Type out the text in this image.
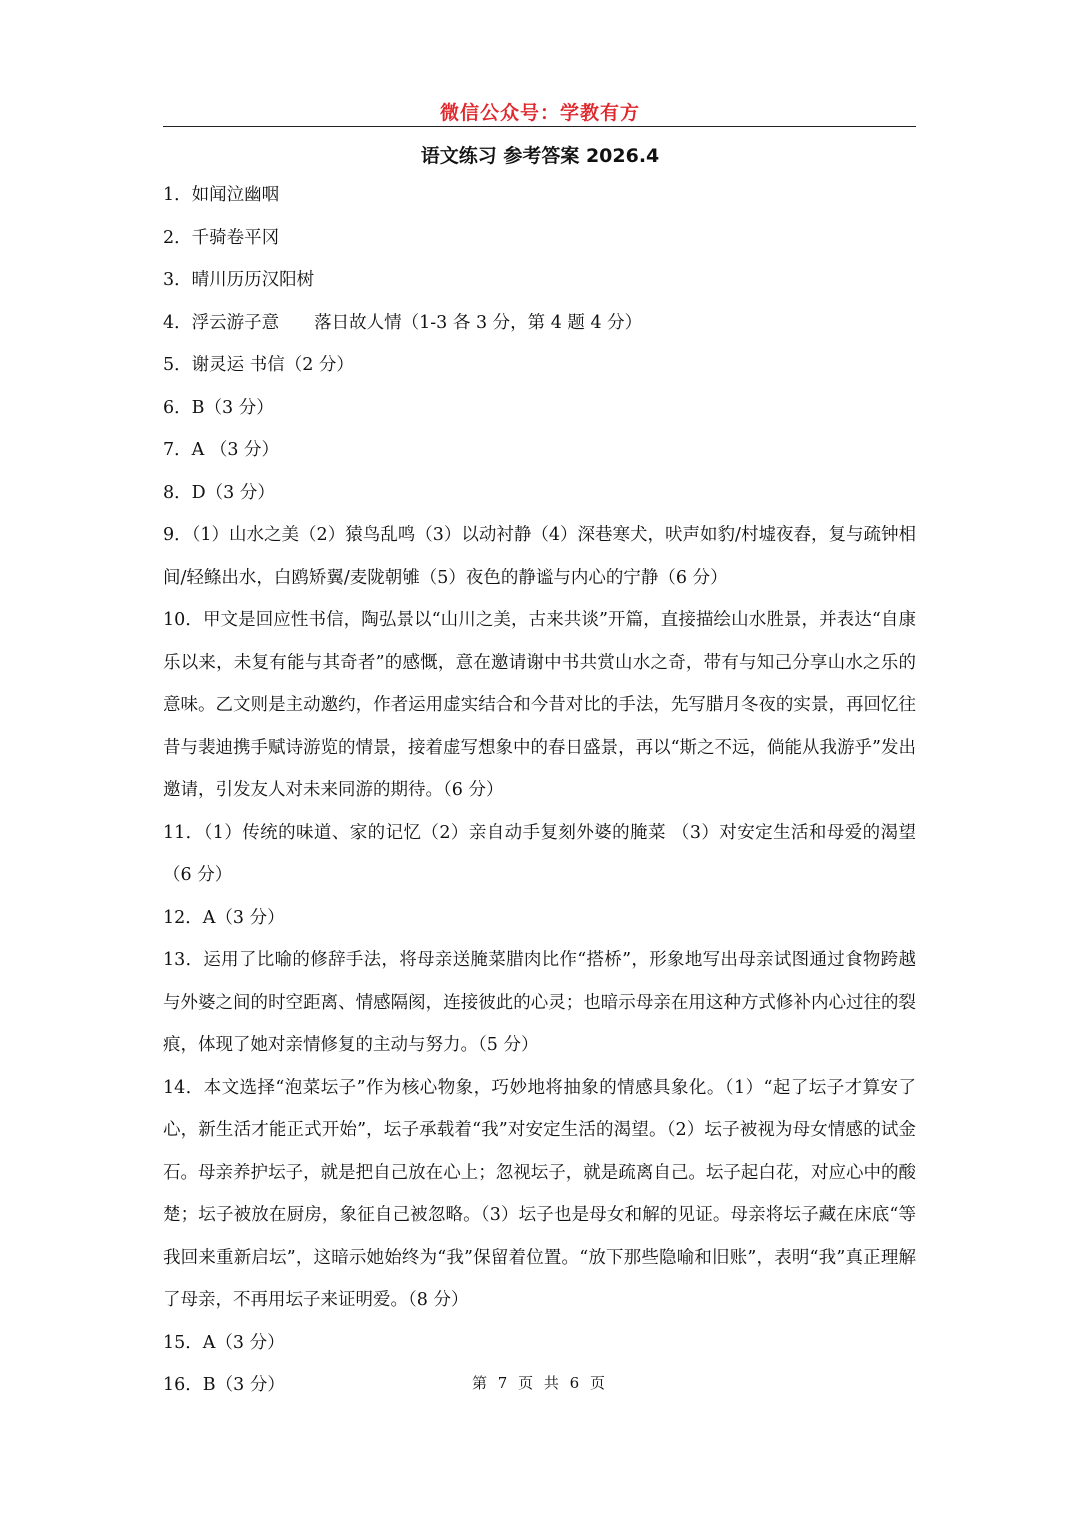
微信公众号：学教有方
语文练习 参考答案 2026.4

1．如闻泣幽咽

2．千骑卷平冈

3．晴川历历汉阳树

4．浮云游子意　　落日故人情（1-3 各 3 分，第 4 题 4 分）

5．谢灵运 书信（2 分）

6．B（3 分）

7．A （3 分）

8．D（3 分）

9．（1）山水之美（2）猿鸟乱鸣（3）以动衬静（4）深巷寒犬，吠声如豹/村墟夜舂，复与疏钟相间/轻鲦出水，白鸥矫翼/麦陇朝雊（5）夜色的静谧与内心的宁静（6 分）

10．甲文是回应性书信，陶弘景以“山川之美，古来共谈”开篇，直接描绘山水胜景，并表达“自康乐以来，未复有能与其奇者”的感慨，意在邀请谢中书共赏山水之奇，带有与知己分享山水之乐的意味。乙文则是主动邀约，作者运用虚实结合和今昔对比的手法，先写腊月冬夜的实景，再回忆往昔与裴迪携手赋诗游览的情景，接着虚写想象中的春日盛景，再以“斯之不远，倘能从我游乎”发出邀请，引发友人对未来同游的期待。（6 分）

11．（1）传统的味道、家的记忆（2）亲自动手复刻外婆的腌菜 （3）对安定生活和母爱的渴望（6 分）

12．A（3 分）

13．运用了比喻的修辞手法，将母亲送腌菜腊肉比作“搭桥”，形象地写出母亲试图通过食物跨越与外婆之间的时空距离、情感隔阂，连接彼此的心灵；也暗示母亲在用这种方式修补内心过往的裂痕，体现了她对亲情修复的主动与努力。（5 分）

14．本文选择“泡菜坛子”作为核心物象，巧妙地将抽象的情感具象化。（1）“起了坛子才算安了心，新生活才能正式开始”，坛子承载着“我”对安定生活的渴望。（2）坛子被视为母女情感的试金石。母亲养护坛子，就是把自己放在心上；忽视坛子，就是疏离自己。坛子起白花，对应心中的酸楚；坛子被放在厨房，象征自己被忽略。（3）坛子也是母女和解的见证。母亲将坛子藏在床底“等我回来重新启坛”，这暗示她始终为“我”保留着位置。“放下那些隐喻和旧账”，表明“我”真正理解了母亲，不再用坛子来证明爱。（8 分）

15．A（3 分）

16．B（3 分）	第 7 页 共 6 页
